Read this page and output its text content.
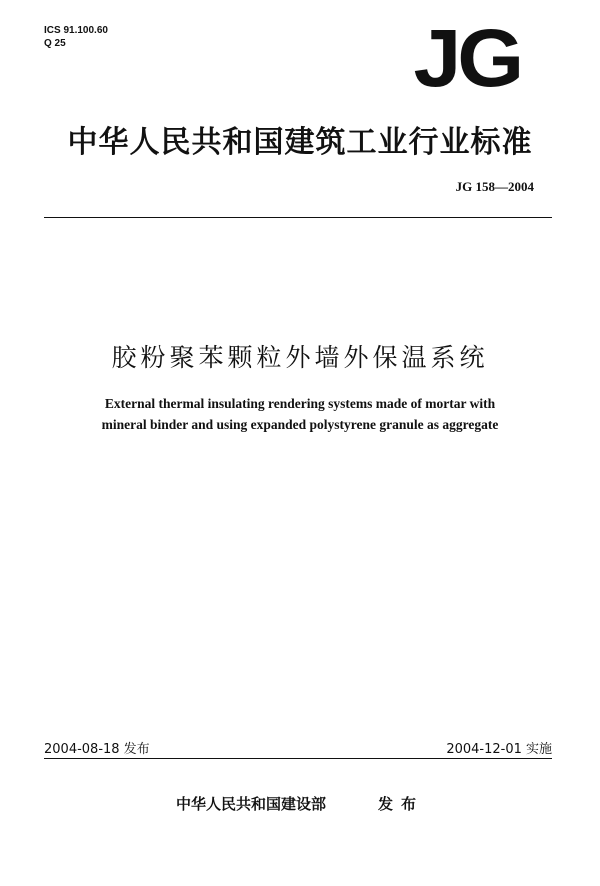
ICS 91.100.60
Q 25	JG
中华人民共和国建筑工业行业标准
JG 158—2004
胶粉聚苯颗粒外墙外保温系统
External thermal insulating rendering systems made of mortar with
mineral binder and using expanded polystyrene granule as aggregate
2004-08-18 发布	2004-12-01 实施
中华人民共和国建设部	发布
